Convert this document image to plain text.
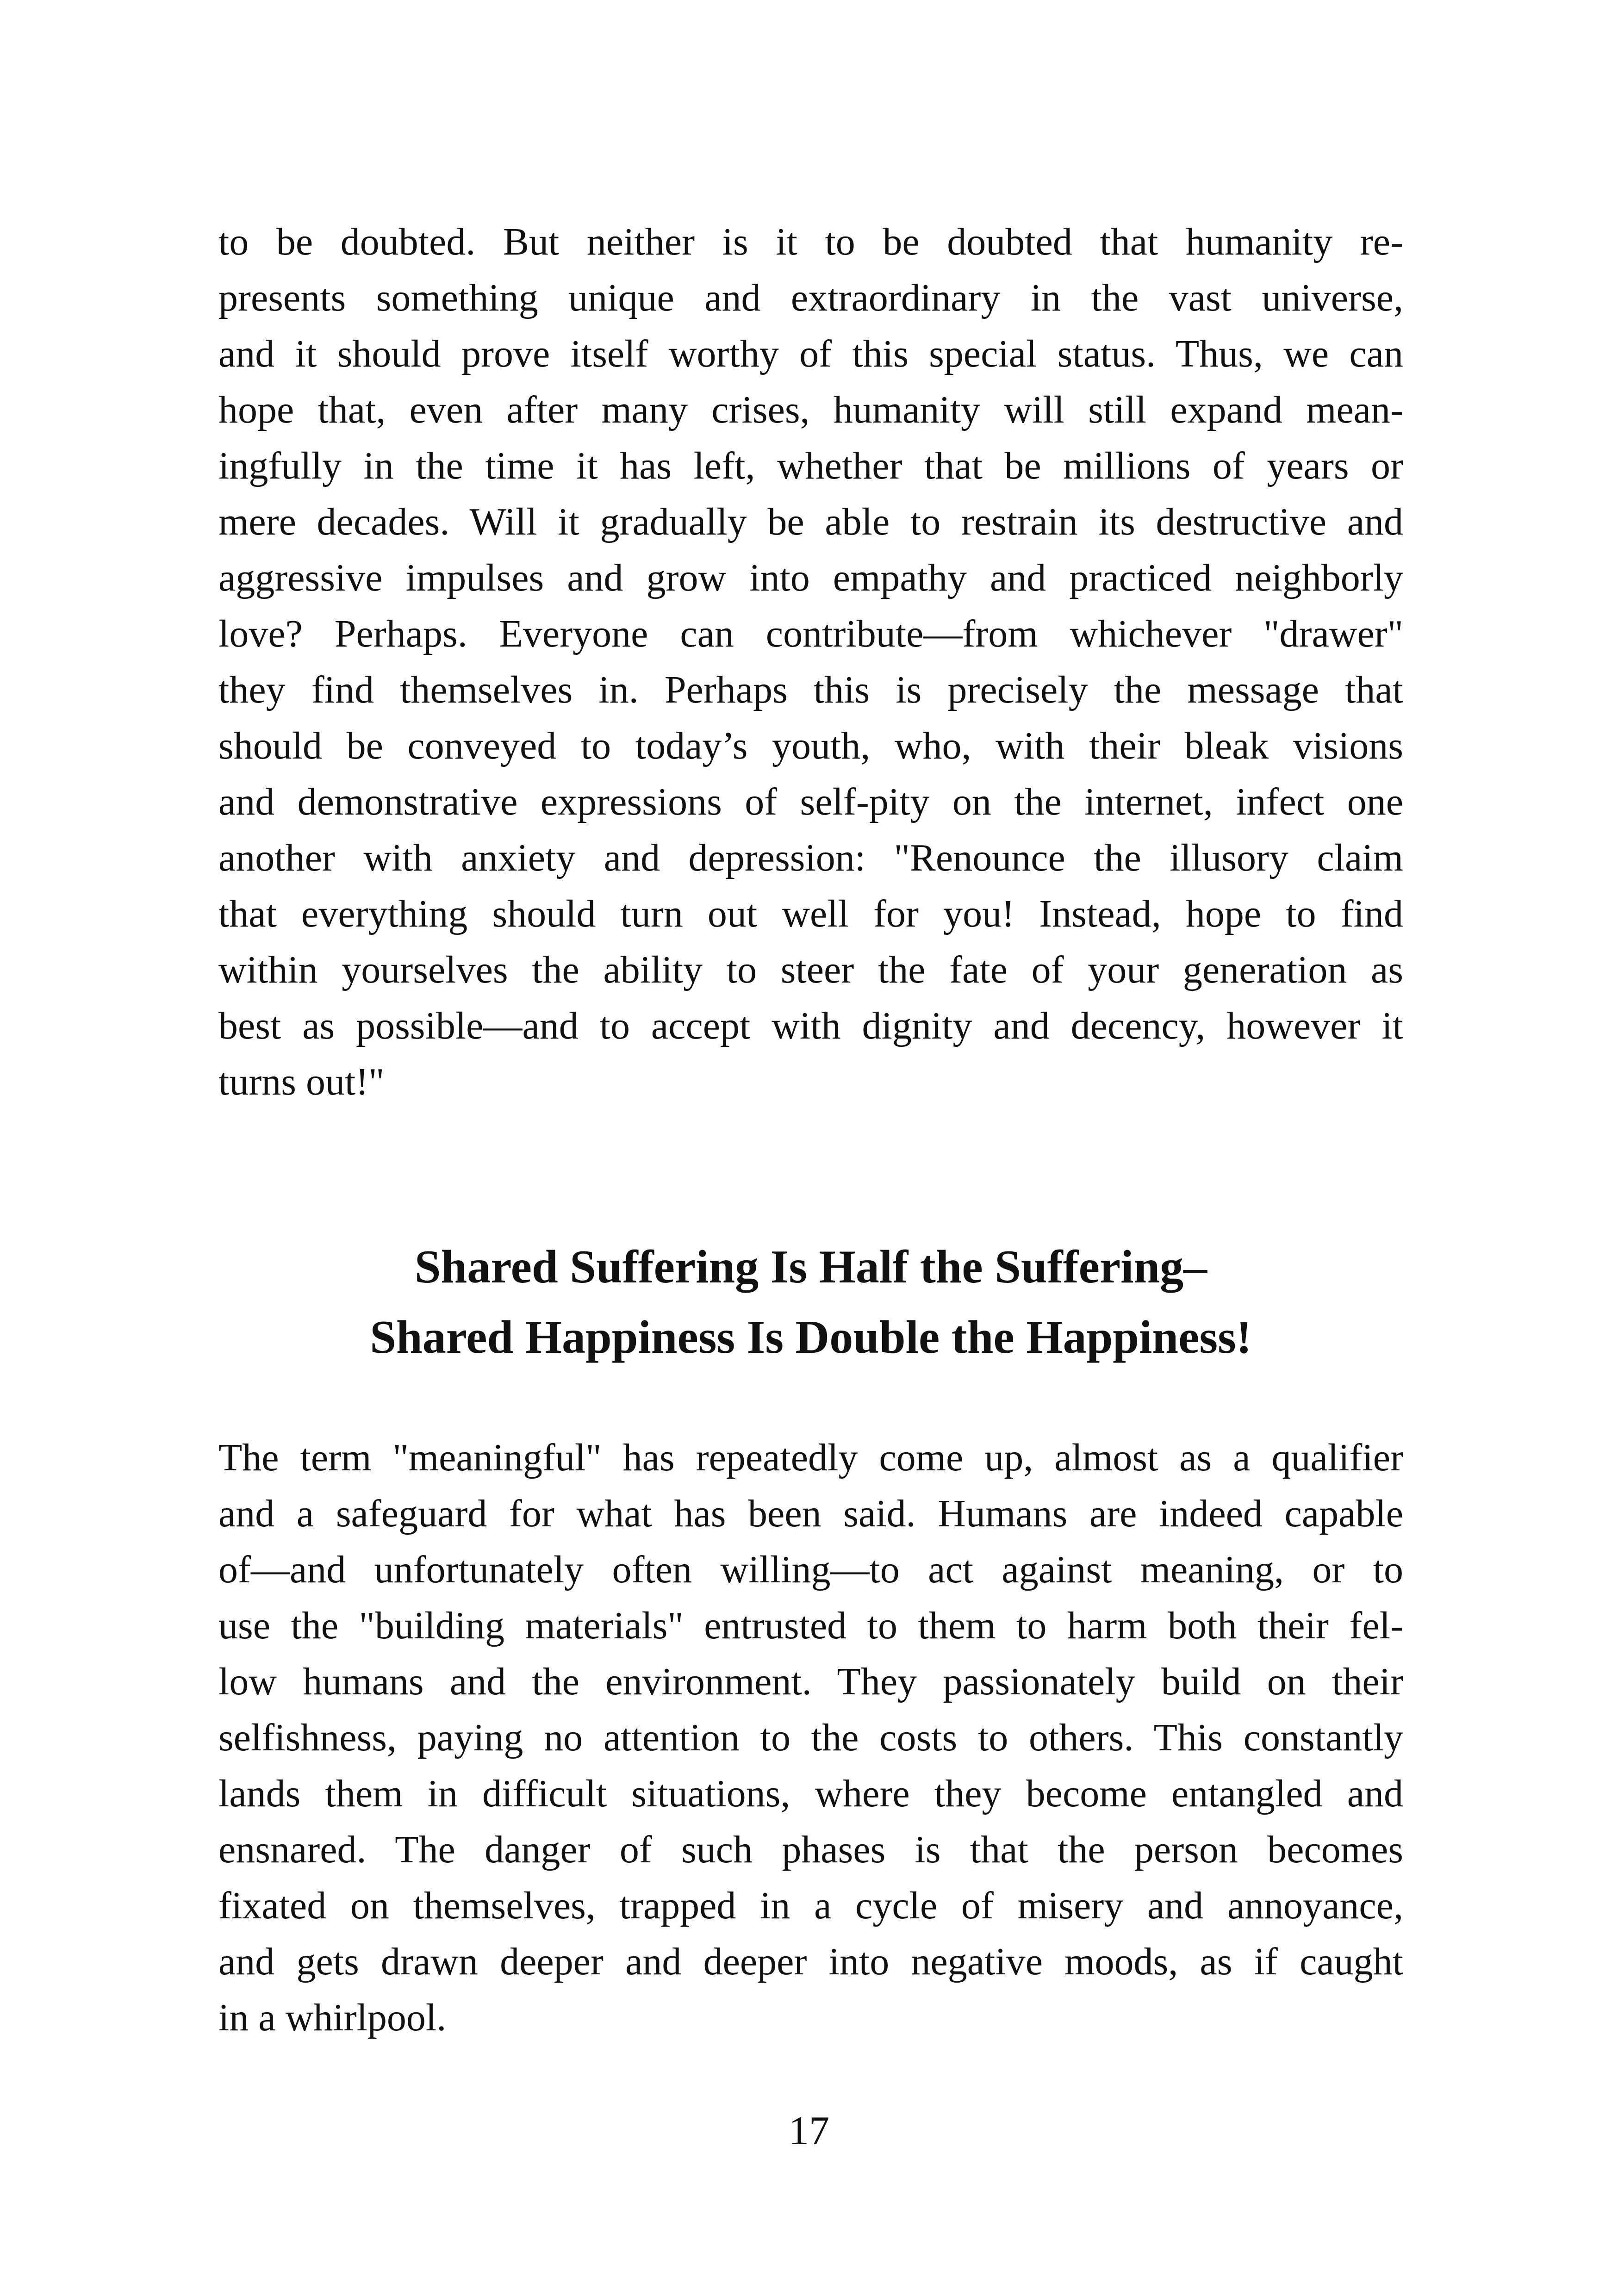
to be doubted. But neither is it to be doubted that humanity re-
presents something unique and extraordinary in the vast universe,
and it should prove itself worthy of this special status. Thus, we can
hope that, even after many crises, humanity will still expand mean-
ingfully in the time it has left, whether that be millions of years or
mere decades. Will it gradually be able to restrain its destructive and
aggressive impulses and grow into empathy and practiced neighborly
love? Perhaps. Everyone can contribute—from whichever "drawer"
they find themselves in. Perhaps this is precisely the message that
should be conveyed to today’s youth, who, with their bleak visions
and demonstrative expressions of self-pity on the internet, infect one
another with anxiety and depression: "Renounce the illusory claim
that everything should turn out well for you! Instead, hope to find
within yourselves the ability to steer the fate of your generation as
best as possible—and to accept with dignity and decency, however it
turns out!"
Shared Suffering Is Half the Suffering–
Shared Happiness Is Double the Happiness!
The term "meaningful" has repeatedly come up, almost as a qualifier
and a safeguard for what has been said. Humans are indeed capable
of—and unfortunately often willing—to act against meaning, or to
use the "building materials" entrusted to them to harm both their fel-
low humans and the environment. They passionately build on their
selfishness, paying no attention to the costs to others. This constantly
lands them in difficult situations, where they become entangled and
ensnared. The danger of such phases is that the person becomes
fixated on themselves, trapped in a cycle of misery and annoyance,
and gets drawn deeper and deeper into negative moods, as if caught
in a whirlpool.
17
